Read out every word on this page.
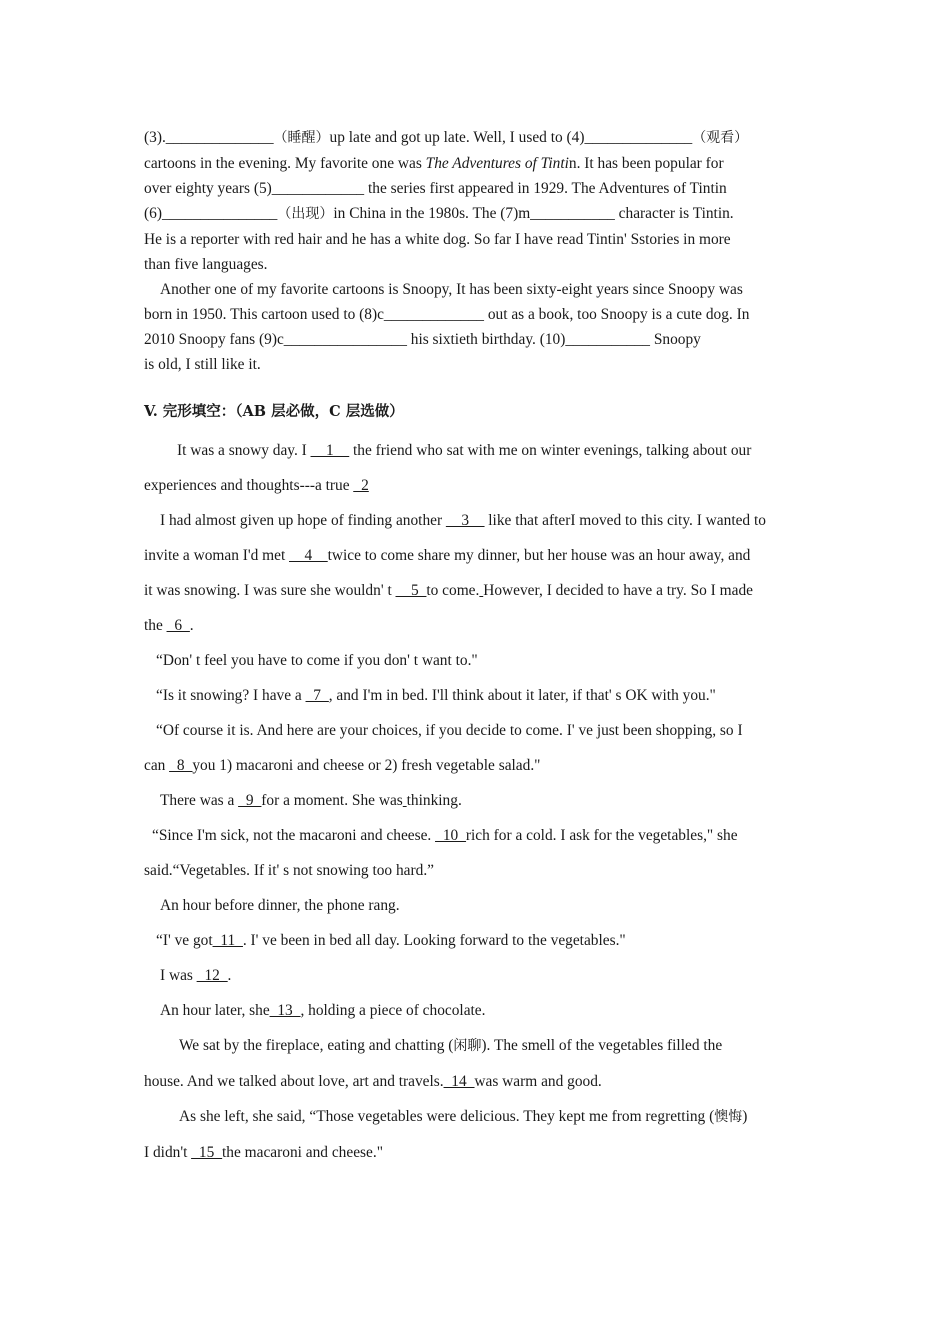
(3).______________（睡醒）up late and got up late. Well, I used to (4)______________（观看）
cartoons in the evening. My favorite one was The Adventures of Tintin. It has been popular for
over eighty years (5)____________ the series first appeared in 1929. The Adventures of Tintin
(6)_______________（出现）in China in the 1980s. The (7)m___________ character is Tintin.
He is a reporter with red hair and he has a white dog. So far I have read Tintin' Sstories in more
than five languages.
Another one of my favorite cartoons is Snoopy, It has been sixty-eight years since Snoopy was
born in 1950. This cartoon used to (8)c_____________ out as a book, too Snoopy is a cute dog. In
2010 Snoopy fans (9)c________________ his sixtieth birthday. (10)___________ Snoopy
is old, I still like it.
V. 完形填空：（AB 层必做，C 层选做）
It was a snowy day. I __1__ the friend who sat with me on winter evenings, talking about our
experiences and thoughts---a true _2
I had almost given up hope of finding another __3__ like that afterI moved to this city. I wanted to
invite a woman I'd met __4__twice to come share my dinner, but her house was an hour away, and
it was snowing. I was sure she wouldn' t __5_to come. However, I decided to have a try. So I made
the _6_.
“Don' t feel you have to come if you don' t want to."
“Is it snowing? I have a _7_, and I'm in bed. I'll think about it later, if that' s OK with you."
“Of course it is. And here are your choices, if you decide to come. I' ve just been shopping, so I
can _8_you 1) macaroni and cheese or 2) fresh vegetable salad."
There was a _9_for a moment. She was thinking.
“Since I'm sick, not the macaroni and cheese. _10_rich for a cold. I ask for the vegetables," she
said.“Vegetables. If it' s not snowing too hard.”
An hour before dinner, the phone rang.
“I' ve got_11_. I' ve been in bed all day. Looking forward to the vegetables."
I was _12_.
An hour later, she_13_, holding a piece of chocolate.
We sat by the fireplace, eating and chatting (闲聊). The smell of the vegetables filled the
house. And we talked about love, art and travels._14_was warm and good.
As she left, she said, “Those vegetables were delicious. They kept me from regretting (懊悔)
I didn't _15_the macaroni and cheese."
